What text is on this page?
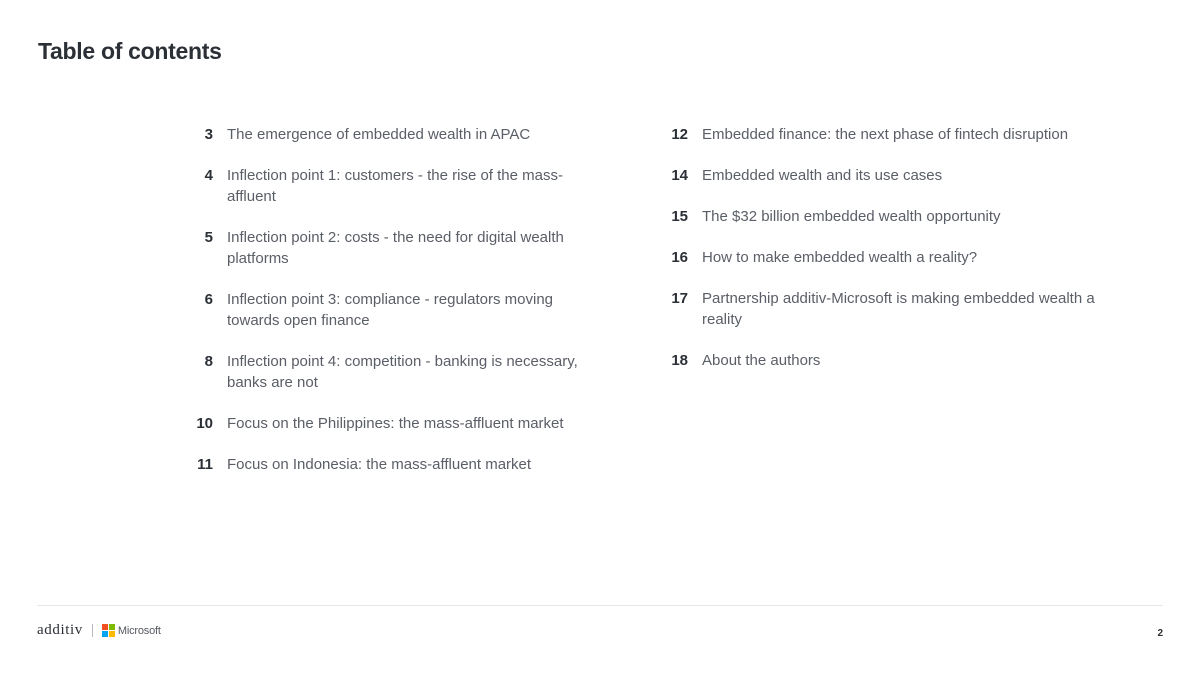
Table of contents
3 The emergence of embedded wealth in APAC
4 Inflection point 1: customers - the rise of the mass-affluent
5 Inflection point 2: costs - the need for digital wealth platforms
6 Inflection point 3: compliance - regulators moving towards open finance
8 Inflection point 4: competition - banking is necessary, banks are not
10 Focus on the Philippines: the mass-affluent market
11 Focus on Indonesia: the mass-affluent market
12 Embedded finance: the next phase of fintech disruption
14 Embedded wealth and its use cases
15 The $32 billion embedded wealth opportunity
16 How to make embedded wealth a reality?
17 Partnership additiv-Microsoft is making embedded wealth a reality
18 About the authors
additiv	Microsoft	2
